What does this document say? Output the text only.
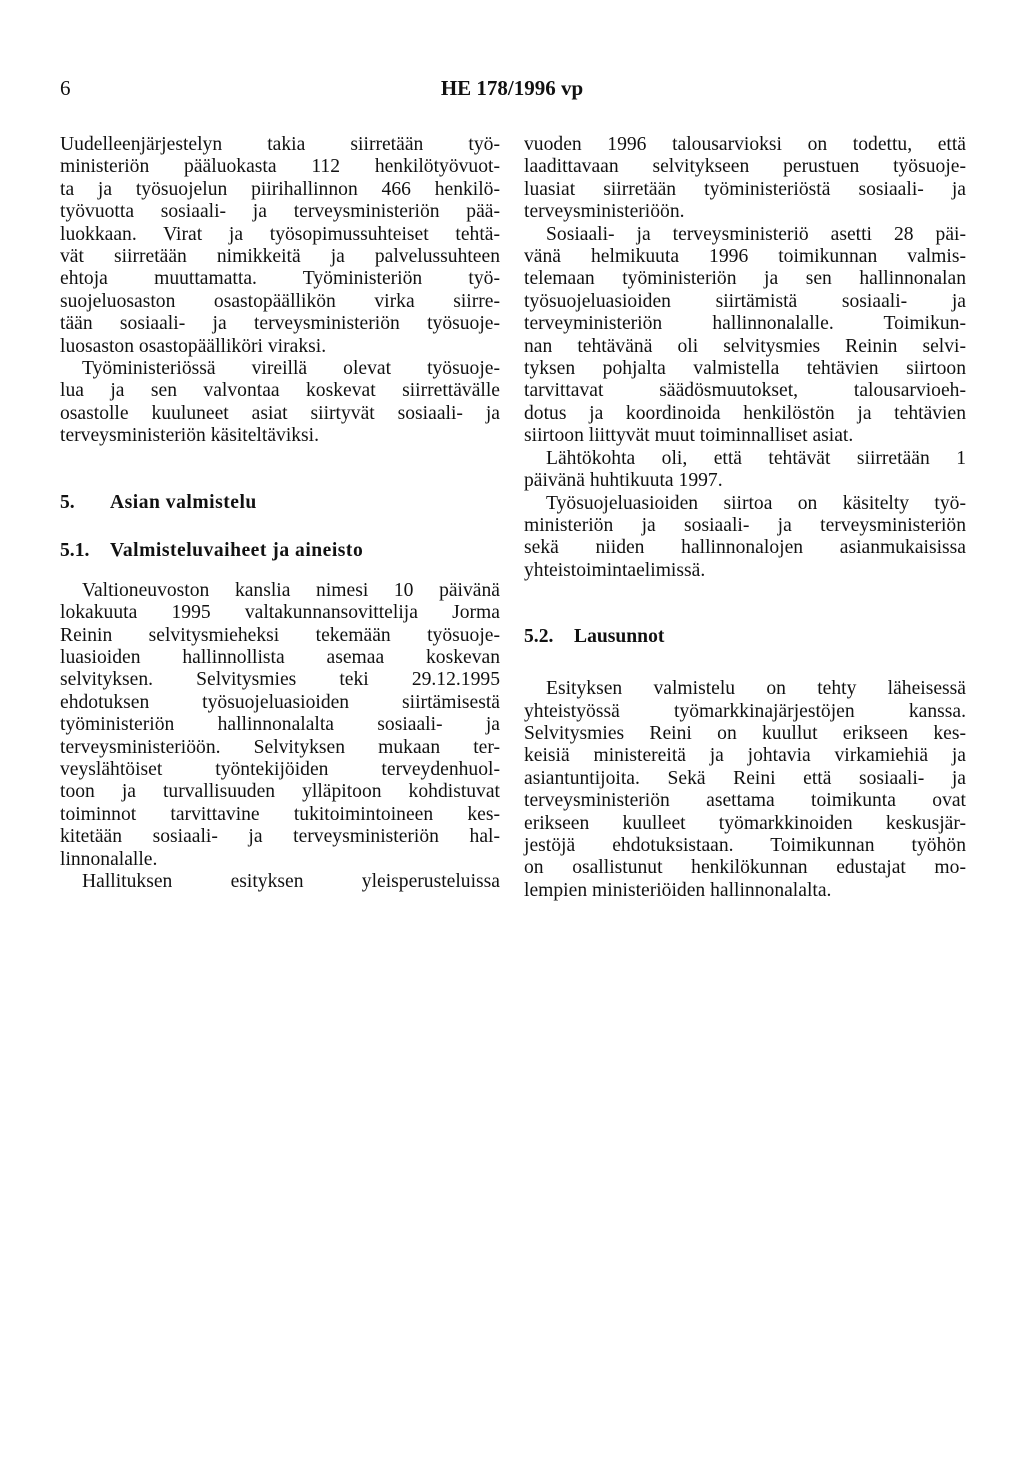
6	HE 178/1996 vp

Uudelleenjärjestelyn takia siirretään työ-
ministeriön pääluokasta 112 henkilötyövuot-
ta ja työsuojelun piirihallinnon 466 henkilö-
työvuotta sosiaali- ja terveysministeriön pää-
luokkaan. Virat ja työsopimussuhteiset tehtä-
vät siirretään nimikkeitä ja palvelussuhteen
ehtoja muuttamatta. Työministeriön työ-
suojeluosaston osastopäällikön virka siirre-
tään sosiaali- ja terveysministeriön työsuoje-
luosaston osastopäälliköri viraksi.

Työministeriössä vireillä olevat työsuoje-
lua ja sen valvontaa koskevat siirrettävälle
osastolle kuuluneet asiat siirtyvät sosiaali- ja
terveysministeriön käsiteltäviksi.

5. Asian valmistelu
5.1. Valmisteluvaiheet ja aineisto

Valtioneuvoston kanslia nimesi 10 päivänä
lokakuuta 1995 valtakunnansovittelija Jorma
Reinin selvitysmieheksi tekemään työsuoje-
luasioiden hallinnollista asemaa koskevan
selvityksen. Selvitysmies teki 29.12.1995
ehdotuksen työsuojeluasioiden siirtämisestä
työministeriön hallinnonalalta sosiaali- ja
terveysministeriöön. Selvityksen mukaan ter-
veyslähtöiset työntekijöiden terveydenhuol-
toon ja turvallisuuden ylläpitoon kohdistuvat
toiminnot tarvittavine tukitoimintoineen kes-
kitetään sosiaali- ja terveysministeriön hal-
linnonalalle.

Hallituksen esityksen yleisperusteluissa

vuoden 1996 talousarvioksi on todettu, että
laadittavaan selvitykseen perustuen työsuoje-
luasiat siirretään työministeriöstä sosiaali- ja
terveysministeriöön.

Sosiaali- ja terveysministeriö asetti 28 päi-
vänä helmikuuta 1996 toimikunnan valmis-
telemaan työministeriön ja sen hallinnonalan
työsuojeluasioiden siirtämistä sosiaali- ja
terveyministeriön hallinnonalalle. Toimikun-
nan tehtävänä oli selvitysmies Reinin selvi-
tyksen pohjalta valmistella tehtävien siirtoon
tarvittavat säädösmuutokset, talousarvioeh-
dotus ja koordinoida henkilöstön ja tehtävien
siirtoon liittyvät muut toiminnalliset asiat.

Lähtökohta oli, että tehtävät siirretään 1
päivänä huhtikuuta 1997.

Työsuojeluasioiden siirtoa on käsitelty työ-
ministeriön ja sosiaali- ja terveysministeriön
sekä niiden hallinnonalojen asianmukaisissa
yhteistoimintaelimissä.

5.2. Lausunnot

Esityksen valmistelu on tehty läheisessä
yhteistyössä työmarkkinajärjestöjen kanssa.
Selvitysmies Reini on kuullut erikseen kes-
keisiä ministereitä ja johtavia virkamiehiä ja
asiantuntijoita. Sekä Reini että sosiaali- ja
terveysministeriön asettama toimikunta ovat
erikseen kuulleet työmarkkinoiden keskusjär-
jestöjä ehdotuksistaan. Toimikunnan työhön
on osallistunut henkilökunnan edustajat mo-
lempien ministeriöiden hallinnonalalta.
